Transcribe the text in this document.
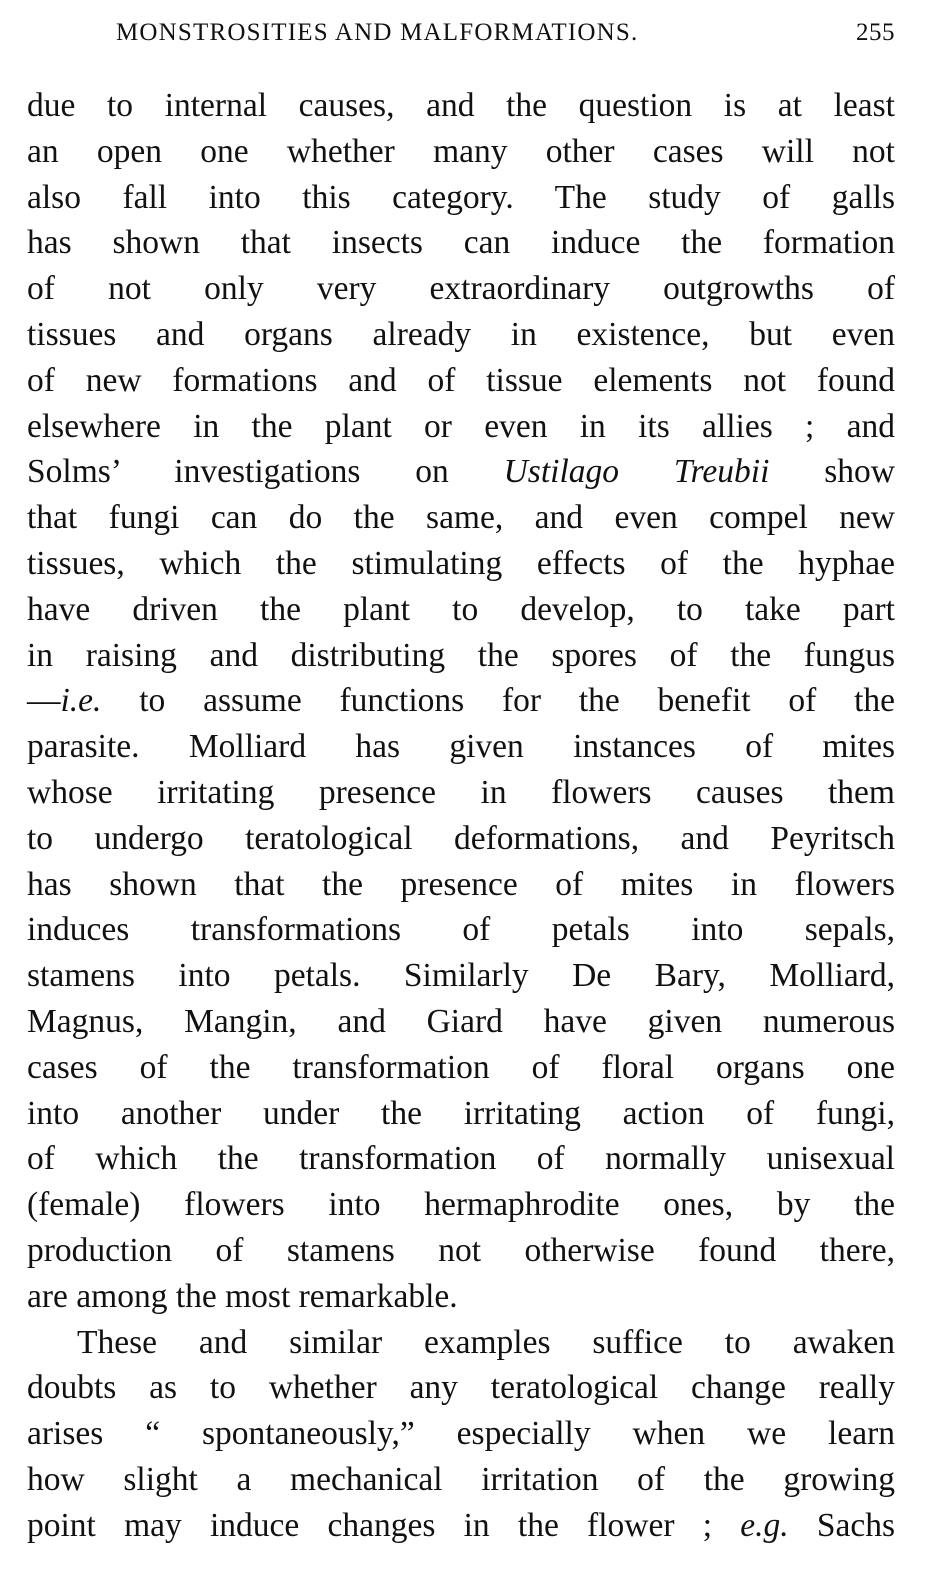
MONSTROSITIES AND MALFORMATIONS.	255
due to internal causes, and the question is at least
an open one whether many other cases will not
also fall into this category. The study of galls
has shown that insects can induce the formation
of not only very extraordinary outgrowths of
tissues and organs already in existence, but even
of new formations and of tissue elements not found
elsewhere in the plant or even in its allies ; and
Solms’ investigations on Ustilago Treubii show
that fungi can do the same, and even compel new
tissues, which the stimulating effects of the hyphae
have driven the plant to develop, to take part
in raising and distributing the spores of the fungus
—i.e. to assume functions for the benefit of the
parasite. Molliard has given instances of mites
whose irritating presence in flowers causes them
to undergo teratological deformations, and Peyritsch
has shown that the presence of mites in flowers
induces transformations of petals into sepals,
stamens into petals. Similarly De Bary, Molliard,
Magnus, Mangin, and Giard have given numerous
cases of the transformation of floral organs one
into another under the irritating action of fungi,
of which the transformation of normally unisexual
(female) flowers into hermaphrodite ones, by the
production of stamens not otherwise found there,
are among the most remarkable.
These and similar examples suffice to awaken
doubts as to whether any teratological change really
arises “ spontaneously,” especially when we learn
how slight a mechanical irritation of the growing
point may induce changes in the flower ; e.g. Sachs
